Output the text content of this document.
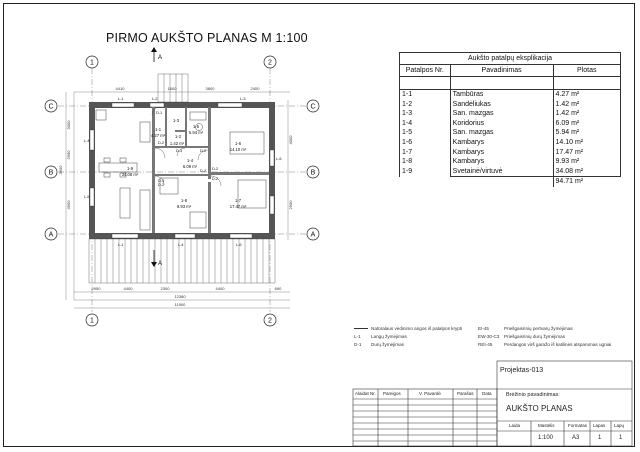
PIRMO AUKŠTO PLANAS M 1:100
1	2
1	2
C	C
B	B
A	A
A
A
4410	1600	3800	2400
2950	4400	2300	4400	690
12380
11900
3000
2900
4900
3600
4000
2900
1-1
4.27 m² 1-2
1.42 m²
1-3
1-4
6.09 m²
1-5
5.94 m²
1-6
14.10 m²
1-7
17.47 m²
1-8
9.93 m²
1-9
34.08 m²
L-1	L-2	L-3
L-4
L-5
L-6
L-1	L-4	L-6
D-1
D-2
D-3	D-2
D-2 D-2
D-2
D-3
D-2
Aukšto patalpų eksplikacija
Patalpos Nr.	Pavadinimas	Plotas

1-1	Tambūras	4.27 m²
1-2	Sandėliukas	1.42 m²
1-3	San. mazgas	1.42 m²
1-4	Koridorius	6.09 m²
1-5	San. mazgas	5.94 m²
1-6	Kambarys	14.10 m²
1-7	Kambarys	17.47 m²
1-8	Kambarys	9.93 m²
1-9	Svetainė/virtuvė	34.08 m²
		94.71 m²
Natūralaus vėdinimo angos iš patalpos krypti
L-1 Langų žymėjimas
D-1 Durų žymėjimas
EI-45	Priešgaisrinių pertvarų žymėjimas
EW-30-C3 Priešgaisrinių durų žymėjimas
REI-45	Perdangos virš garažo iš katilinės atsparumas ugniai
Projektas-013
Brėžinio pavadinimas:
AUKŠTO PLANAS
Alaidat Nr. Pareigos	V. Pavardė	Parašas Data
Laida	Mastelis	Formatas Lapas Lapų
1:100	A3	1	1
